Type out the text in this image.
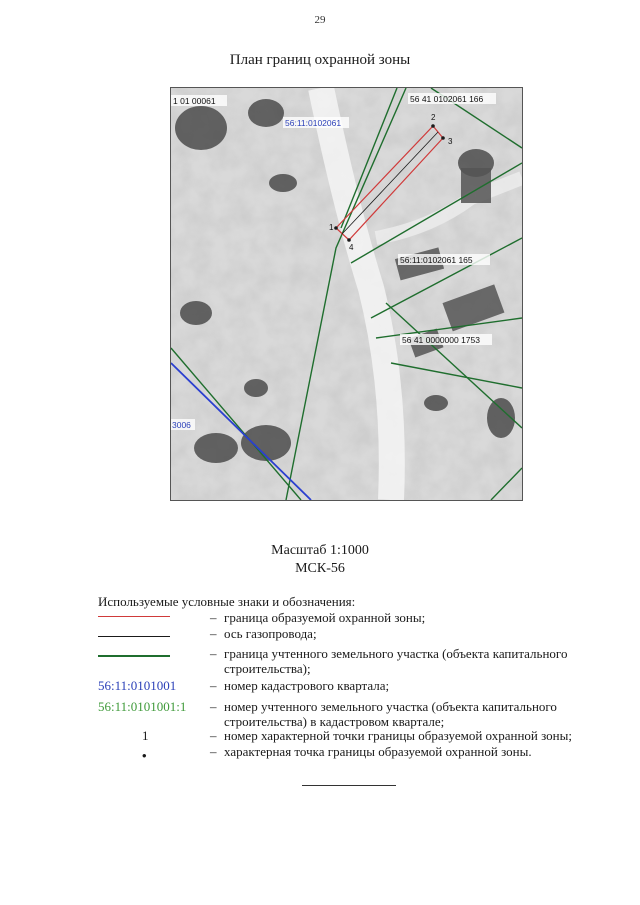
29
План границ охранной зоны
1
2
3
4
1 01 00061
56:11:0102061
56 41 0102061 166
56:11:0102061 165
56 41 0000000 1753
3006
Масштаб 1:1000
МСК-56
Используемые условные знаки и обозначения:
– граница образуемой охранной зоны;
– ось газопровода;
– граница учтенного земельного участка (объекта капитального строительства);
56:11:0101001	– номер кадастрового квартала;
56:11:0101001:1 – номер учтенного земельного участка (объекта капитального строительства) в кадастровом квартале;
1	– номер характерной точки границы образуемой охранной зоны;
•	– характерная точка границы образуемой охранной зоны.
